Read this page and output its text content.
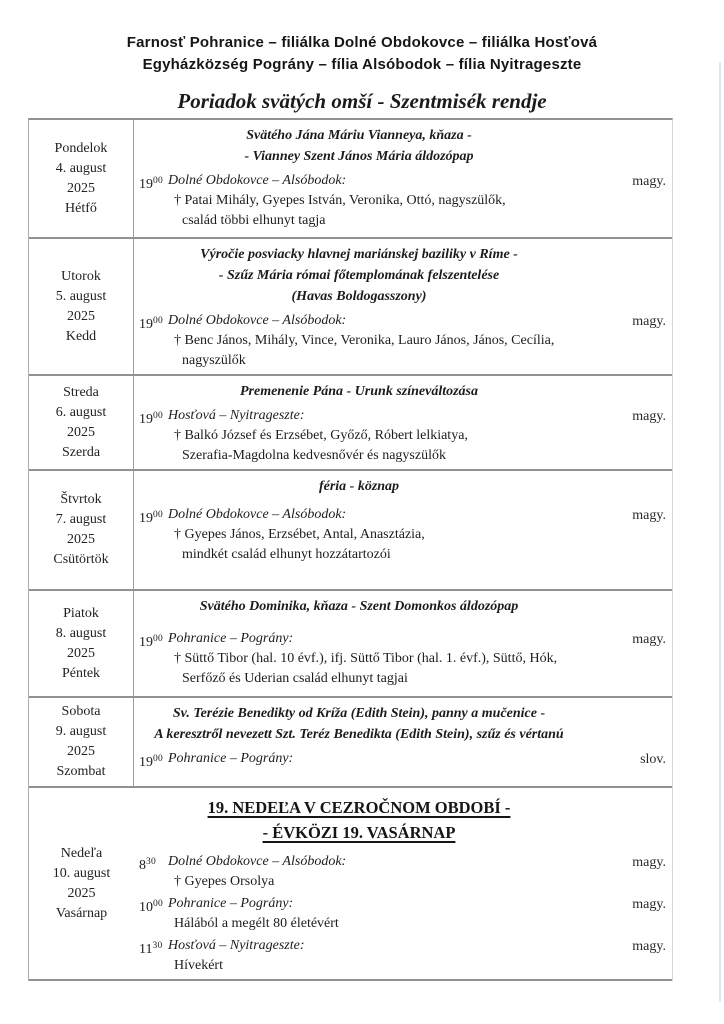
Farnosť Pohranice – filiálka Dolné Obdokovce – filiálka Hosťová
Egyházközség Pográny – fília Alsóbodok – fília Nyitrageszte
Poriadok svätých omší - Szentmisék rendje
Pondelok
4. august
2025
Hétfő
Svätého Jána Máriu Vianneya, kňaza -
- Vianney Szent János Mária áldozópap
$19^{00}$ Dolné Obdokovce – Alsóbodok:
† Patai Mihály, Gyepes István, Veronika, Ottó, nagyszülők,
család többi elhunyt tagja
magy.
Utorok
5. august
2025
Kedd
Výročie posviacky hlavnej mariánskej baziliky v Ríme -
- Szűz Mária római főtemplomának felszentelése
(Havas Boldogasszony)
$19^{00}$ Dolné Obdokovce – Alsóbodok:
† Benc János, Mihály, Vince, Veronika, Lauro János, János, Cecília,
nagyszülők
magy.
Streda
6. august
2025
Szerda
Premenenie Pána - Urunk színeváltozása
$19^{00}$ Hosťová – Nyitrageszte:
† Balkó József és Erzsébet, Győző, Róbert lelkiatya,
Szerafia-Magdolna kedvesnővér és nagyszülők
magy.
Štvrtok
7. august
2025
Csütörtök
féria - köznap
$19^{00}$ Dolné Obdokovce – Alsóbodok:
† Gyepes János, Erzsébet, Antal, Anasztázia,
mindkét család elhunyt hozzátartozói
magy.
Piatok
8. august
2025
Péntek
Svätého Dominika, kňaza - Szent Domonkos áldozópap
$19^{00}$ Pohranice – Pográny:
† Süttő Tibor (hal. 10 évf.), ifj. Süttő Tibor (hal. 1. évf.), Süttő, Hók,
Serfőző és Uderian család elhunyt tagjai
magy.
Sobota
9. august
2025
Szombat
Sv. Terézie Benedikty od Kríža (Edith Stein), panny a mučenice -
A keresztről nevezett Szt. Teréz Benedikta (Edith Stein), szűz és vértanú
$19^{00}$ Pohranice – Pográny:	slov.
Nedeľa
10. august
2025
Vasárnap
19. NEDEĽA V CEZROČNOM OBDOBÍ -
- ÉVKÖZI 19. VASÁRNAP
$8^{30}$ Dolné Obdokovce – Alsóbodok:
† Gyepes Orsolya
magy.
$10^{00}$ Pohranice – Pográny:
Hálából a megélt 80 életévért
magy.
$11^{30}$ Hosťová – Nyitrageszte:
Hívekért
magy.
